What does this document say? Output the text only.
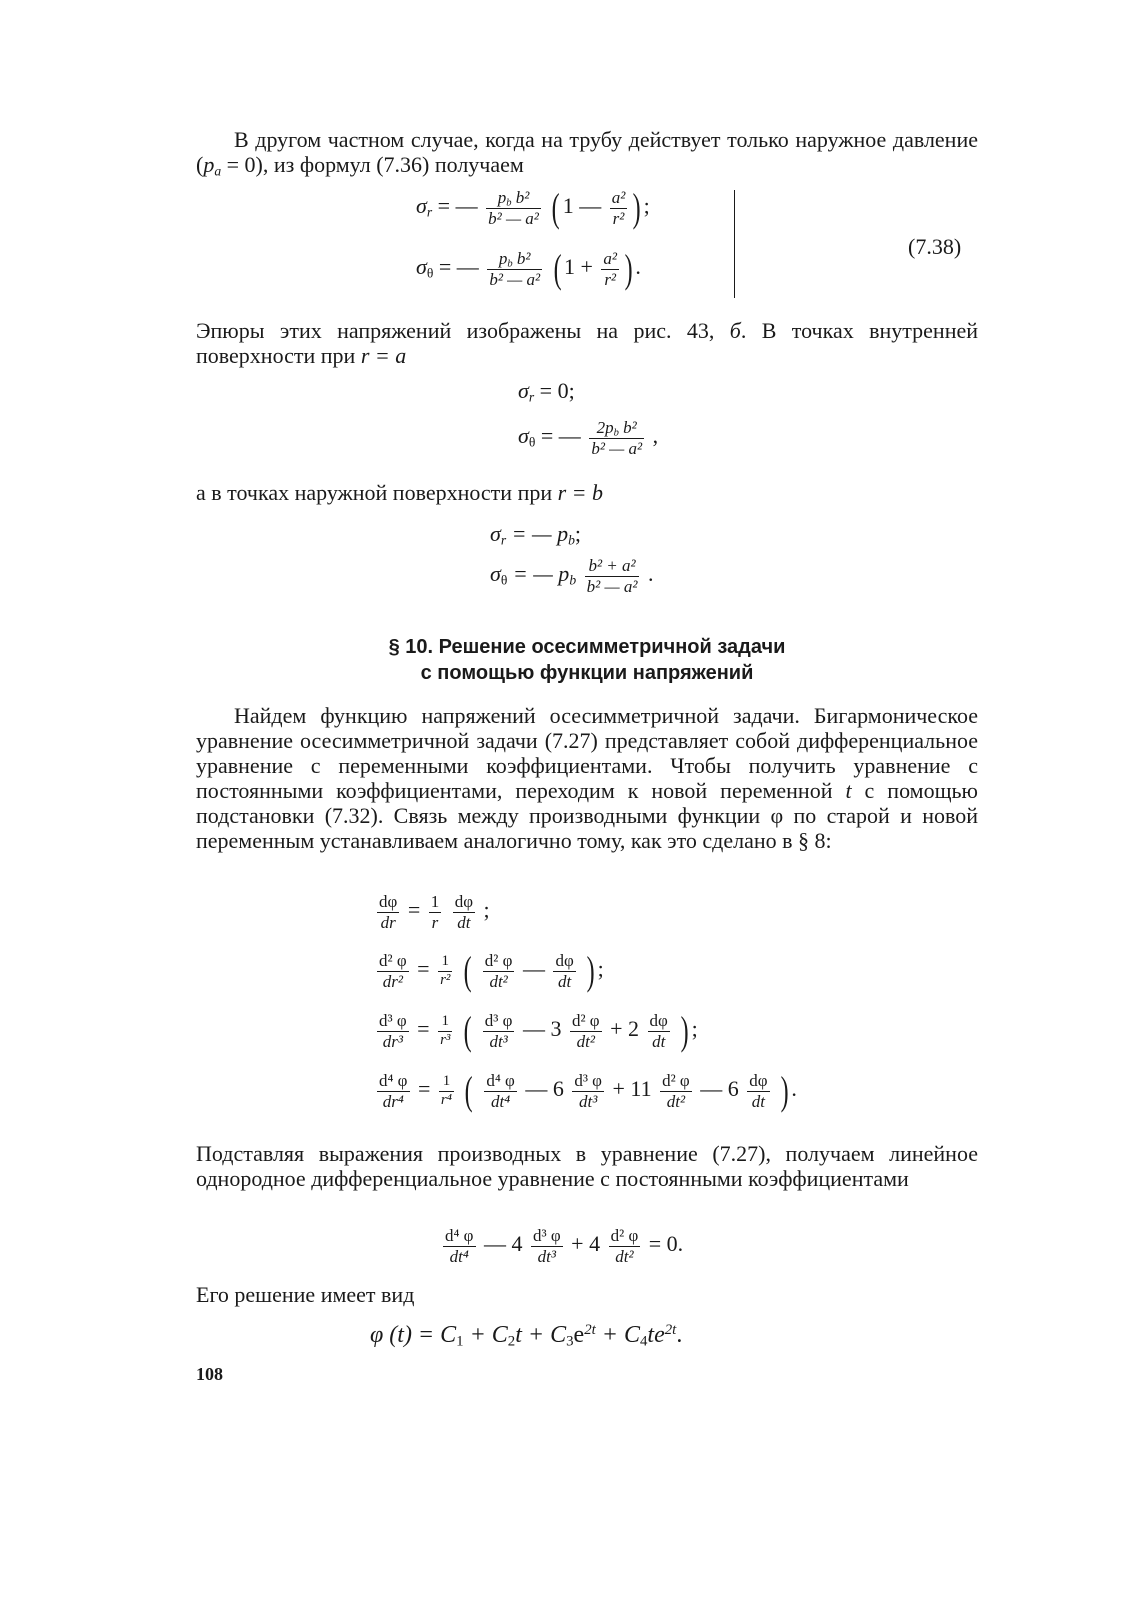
В другом частном случае, когда на трубу действует только наружное давление $(p_a = 0)$, из формул (7.36) получаем

$\sigma_r$ = — $\frac{p_b b^2}{\text{b² — a²}}$ ( 1 — $\frac{\text{a²}}{\text{r²}}$ ) ;
$\sigma_\theta$ = — $\frac{p_b b^2}{\text{b² — a²}}$ ( $1 + \frac{\text{a²}}{\text{r²}}$ ) .
(7.38)

Эпюры этих напряжений изображены на рис. 43, б. В точках внутренней поверхности при r = a

$\sigma_r = 0$;
$\sigma_\theta$ = — $\frac{2p_b b^2}{\text{b² — a²}}$ ,

а в точках наружной поверхности при r = b

$\sigma_r$ = — $p_b$;
$\sigma_\theta$ = — $p_b \frac{\text{b² + a²}}{\text{b² — a²}}$ .
§ 10. Решение осесимметричной задачи
с помощью функции напряжений

Найдем функцию напряжений осесимметричной задачи. Бигармоническое уравнение осесимметричной задачи (7.27) представляет собой дифференциальное уравнение с переменными коэффициентами. Чтобы получить уравнение с постоянными коэффициентами, переходим к новой переменной t с помощью подстановки (7.32). Связь между производными функции φ по старой и новой переменным устанавливаем аналогично тому, как это сделано в § 8:

$\frac{d\varphi}{dr} = \frac{1}{r}$
$\frac{d\varphi}{dt}$ ;
$\frac{\text{d² φ}}{\text{dr²}} = \frac{1}{\text{r²}}$ ( $\frac{\text{d² φ}}{\text{dt²}}$ — $\frac{d\varphi}{dt}$ ) ;
$\frac{\text{d³ φ}}{\text{dr³}} = \frac{1}{\text{r³}}$ ( $\frac{\text{d³ φ}}{\text{dt³}}$ — $3 \frac{\text{d² φ}}{\text{dt²}} + 2 \frac{d\varphi}{dt}$ ) ;
$\frac{\text{d⁴ φ}}{\text{dr⁴}} = \frac{1}{\text{r⁴}}$ ( $\frac{\text{d⁴ φ}}{\text{dt⁴}}$ — $6 \frac{\text{d³ φ}}{\text{dt³}} + 11 \frac{\text{d² φ}}{\text{dt²}}$ — $6 \frac{d\varphi}{dt}$ ) .

Подставляя выражения производных в уравнение (7.27), получаем линейное однородное дифференциальное уравнение с постоянными коэффициентами

$\frac{\text{d⁴ φ}}{\text{dt⁴}}$ — $4 \frac{\text{d³ φ}}{\text{dt³}} + 4 \frac{\text{d² φ}}{\text{dt²}} = 0$.

Его решение имеет вид

φ $(t) = C_1 + C_2t + C_3e^{2t} + C_4te^{2t}$.
108
